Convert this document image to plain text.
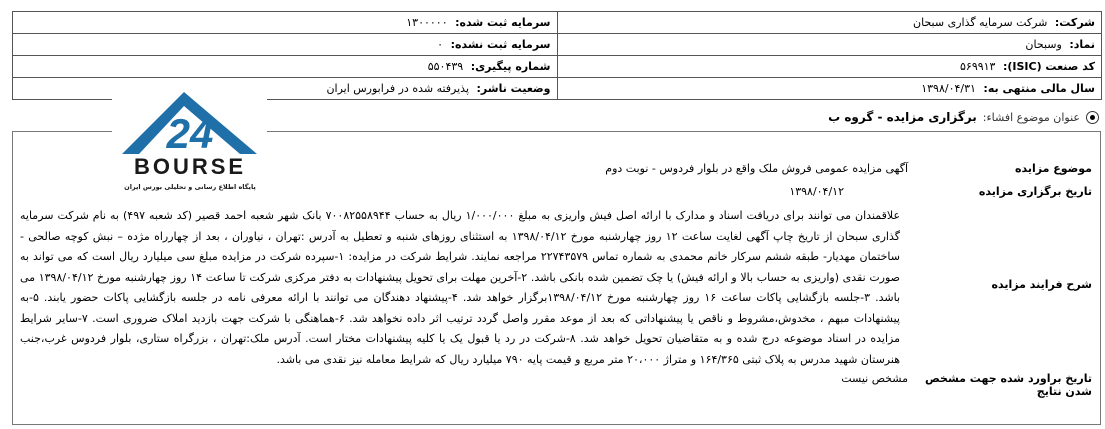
شرکت: شرکت سرمایه گذاری سبحان	سرمایه ثبت شده: ۱۳۰۰۰۰۰
نماد: وسبحان	سرمایه ثبت نشده: ۰
کد صنعت (ISIC): ۵۶۹۹۱۳	شماره پیگیری: ۵۵۰۴۳۹
سال مالی منتهی به: ۱۳۹۸/۰۴/۳۱	وضعیت ناشر: پذیرفته شده در فرابورس ایران
24
BOURSE
پایگاه اطلاع رسانی و تحلیلی بورس ایران
عنوان موضوع افشاء:
برگزاری مزایده - گروه ب
موضوع مزایده
آگهی مزایده عمومی فروش ملک واقع در بلوار فردوس - نوبت دوم
تاریخ برگزاری مزایده
۱۳۹۸/۰۴/۱۲
شرح فرایند مزایده
علاقمندان می توانند برای دریافت اسناد و مدارک با ارائه اصل فیش واریزی به مبلغ ۱/۰۰۰/۰۰۰ ریال به حساب ۷۰۰۸۲۵۵۸۹۴۴ بانک شهر شعبه احمد قصیر (کد شعبه ۴۹۷) به نام شرکت سرمایه گذاری سبحان از تاریخ چاپ آگهی لغایت ساعت ۱۲ روز چهارشنبه مورخ ۱۳۹۸/۰۴/۱۲ به استثنای روزهای شنبه و تعطیل به آدرس :تهران ، نیاوران ، بعد از چهارراه مژده – نبش کوچه صالحی - ساختمان مهدیار- طبقه ششم سرکار خانم محمدی به شماره تماس ۲۲۷۴۳۵۷۹ مراجعه نمایند. شرایط شرکت در مزایده: ۱-سپرده شرکت در مزایده مبلغ سی میلیارد ریال است که می تواند به صورت نقدی (واریزی به حساب بالا و ارائه فیش) یا چک تضمین شده بانکی باشد. ۲-آخرین مهلت برای تحویل پیشنهادات به دفتر مرکزی شرکت تا ساعت ۱۴ روز چهارشنبه مورخ ۱۳۹۸/۰۴/۱۲ می باشد. ۳-جلسه بازگشایی پاکات ساعت ۱۶ روز چهارشنبه مورخ ۱۳۹۸/۰۴/۱۲برگزار خواهد شد. ۴-پیشنهاد دهندگان می توانند با ارائه معرفی نامه در جلسه بازگشایی پاکات حضور یابند. ۵-به پیشنهادات مبهم ، مخدوش،مشروط و ناقص یا پیشنهاداتی که بعد از موعد مقرر واصل گردد ترتیب اثر داده نخواهد شد. ۶-هماهنگی با شرکت جهت بازدید املاک ضروری است. ۷-سایر شرایط مزایده در اسناد موضوعه درج شده و به متقاضیان تحویل خواهد شد. ۸-شرکت در رد یا قبول یک یا کلیه پیشنهادات مختار است. آدرس ملک:تهران ، بزرگراه ستاری، بلوار فردوس غرب،جنب هنرستان شهید مدرس به پلاک ثبتی ۱۶۴/۳۶۵ و متراژ ۲۰،۰۰۰ متر مربع و قیمت پایه ۷۹۰ میلیارد ریال که شرایط معامله نیز نقدی می باشد.
تاریخ براورد شده جهت مشخص شدن نتایج
مشخص نیست
